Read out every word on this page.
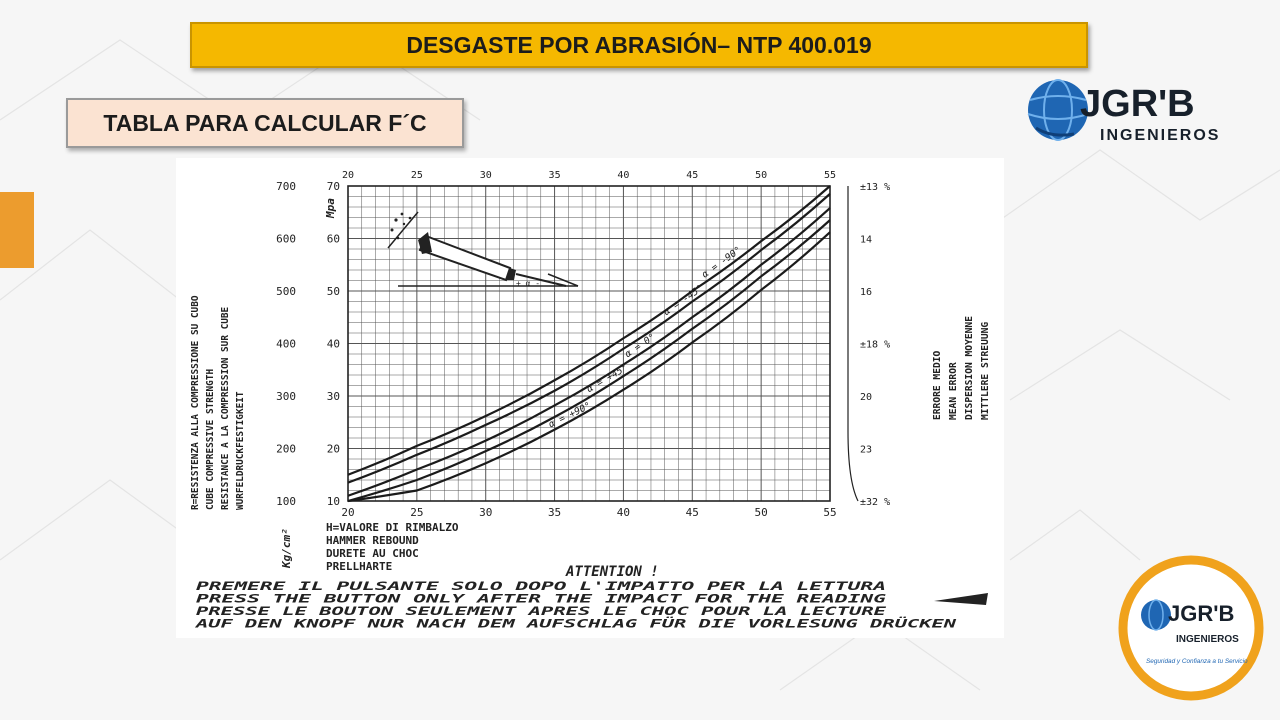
DESGASTE POR ABRASIÓN– NTP 400.019
TABLA PARA CALCULAR F´C	JGR'B
INGENIEROS
20	25	30	35	40	45	50	55
20	25	30	35	40	45	50	55
100
200
300
400
500
600
700
10
20
30
40
50
60
70	±13 %
14
16
±18 %
20
23
±32 %
Mpa
Kg/cm²
α = -90°
α = -45°
α = 0°
α = +45°
α = +90°
+ α -
R=RESISTENZA ALLA COMPRESSIONE SU CUBO CUBE COMPRESSIVE STRENGTH RESISTANCE A LA COMPRESSION SUR CUBE WURFELDRUCKFESTIGKEIT
ERRORE MEDIO MEAN ERROR DISPERSION MOYENNE MITTLERE STREUUNG
H=VALORE DI RIMBALZO
HAMMER REBOUND
DURETE AU CHOC
PRELLHARTE	ATTENTION !
PREMERE IL PULSANTE SOLO DOPO L'IMPATTO PER LA LETTURA
PRESS THE BUTTON ONLY AFTER THE IMPACT FOR THE READING
PRESSE LE BOUTON SEULEMENT APRES LE CHOC POUR LA LECTURE
AUF DEN KNOPF NUR NACH DEM AUFSCHLAG FÜR DIE VORLESUNG DRÜCKEN	JGR'B
INGENIEROS
Seguridad y Confianza a tu Servicio
